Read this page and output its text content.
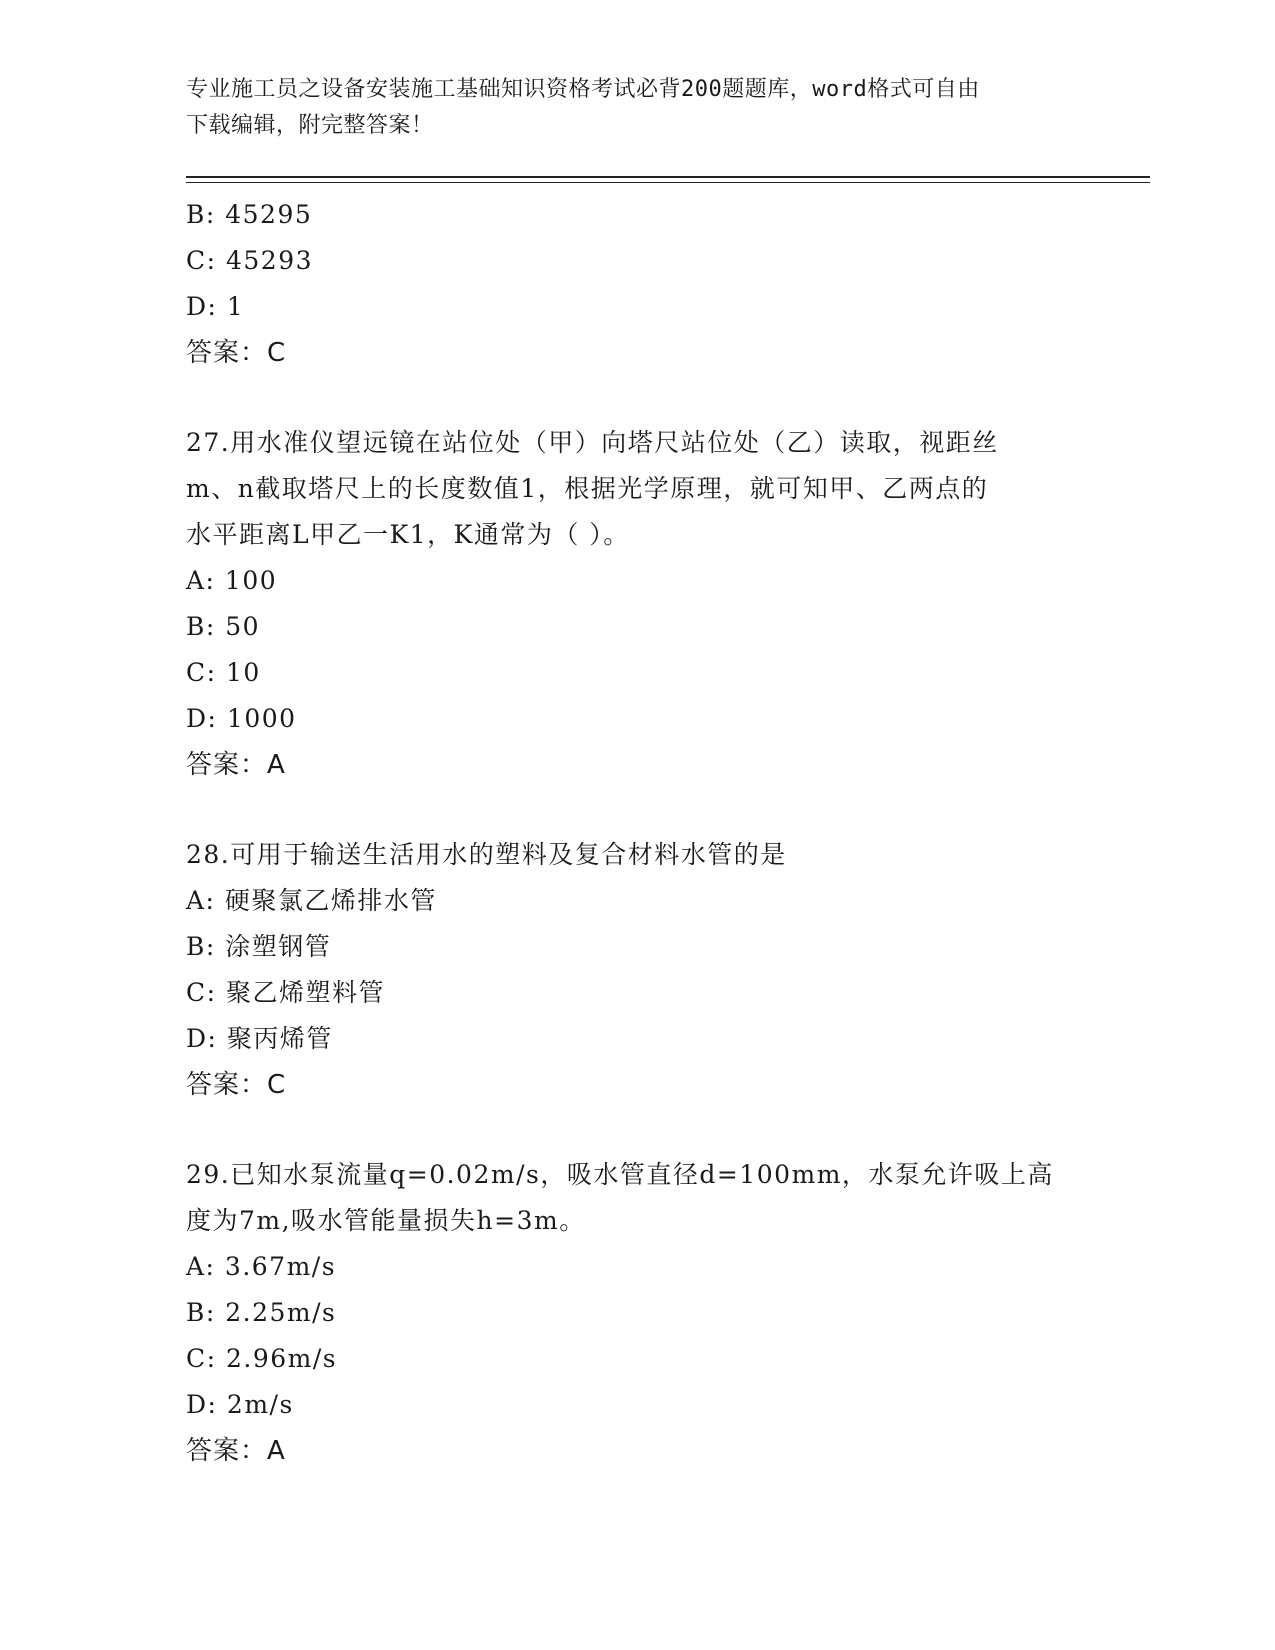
专业施工员之设备安装施工基础知识资格考试必背200题题库，word格式可自由
下载编辑，附完整答案！
B: 45295
C: 45293
D: 1
答案：C
27.用水准仪望远镜在站位处（甲）向塔尺站位处（乙）读取，视距丝
m、n截取塔尺上的长度数值1，根据光学原理，就可知甲、乙两点的
水平距离L甲乙一K1，K通常为（ ）。
A: 100
B: 50
C: 10
D: 1000
答案：A
28.可用于输送生活用水的塑料及复合材料水管的是
A: 硬聚氯乙烯排水管
B: 涂塑钢管
C: 聚乙烯塑料管
D: 聚丙烯管
答案：C
29.已知水泵流量q=0.02m/s，吸水管直径d=100mm，水泵允许吸上高
度为7m,吸水管能量损失h=3m。
A: 3.67m/s
B: 2.25m/s
C: 2.96m/s
D: 2m/s
答案：A
